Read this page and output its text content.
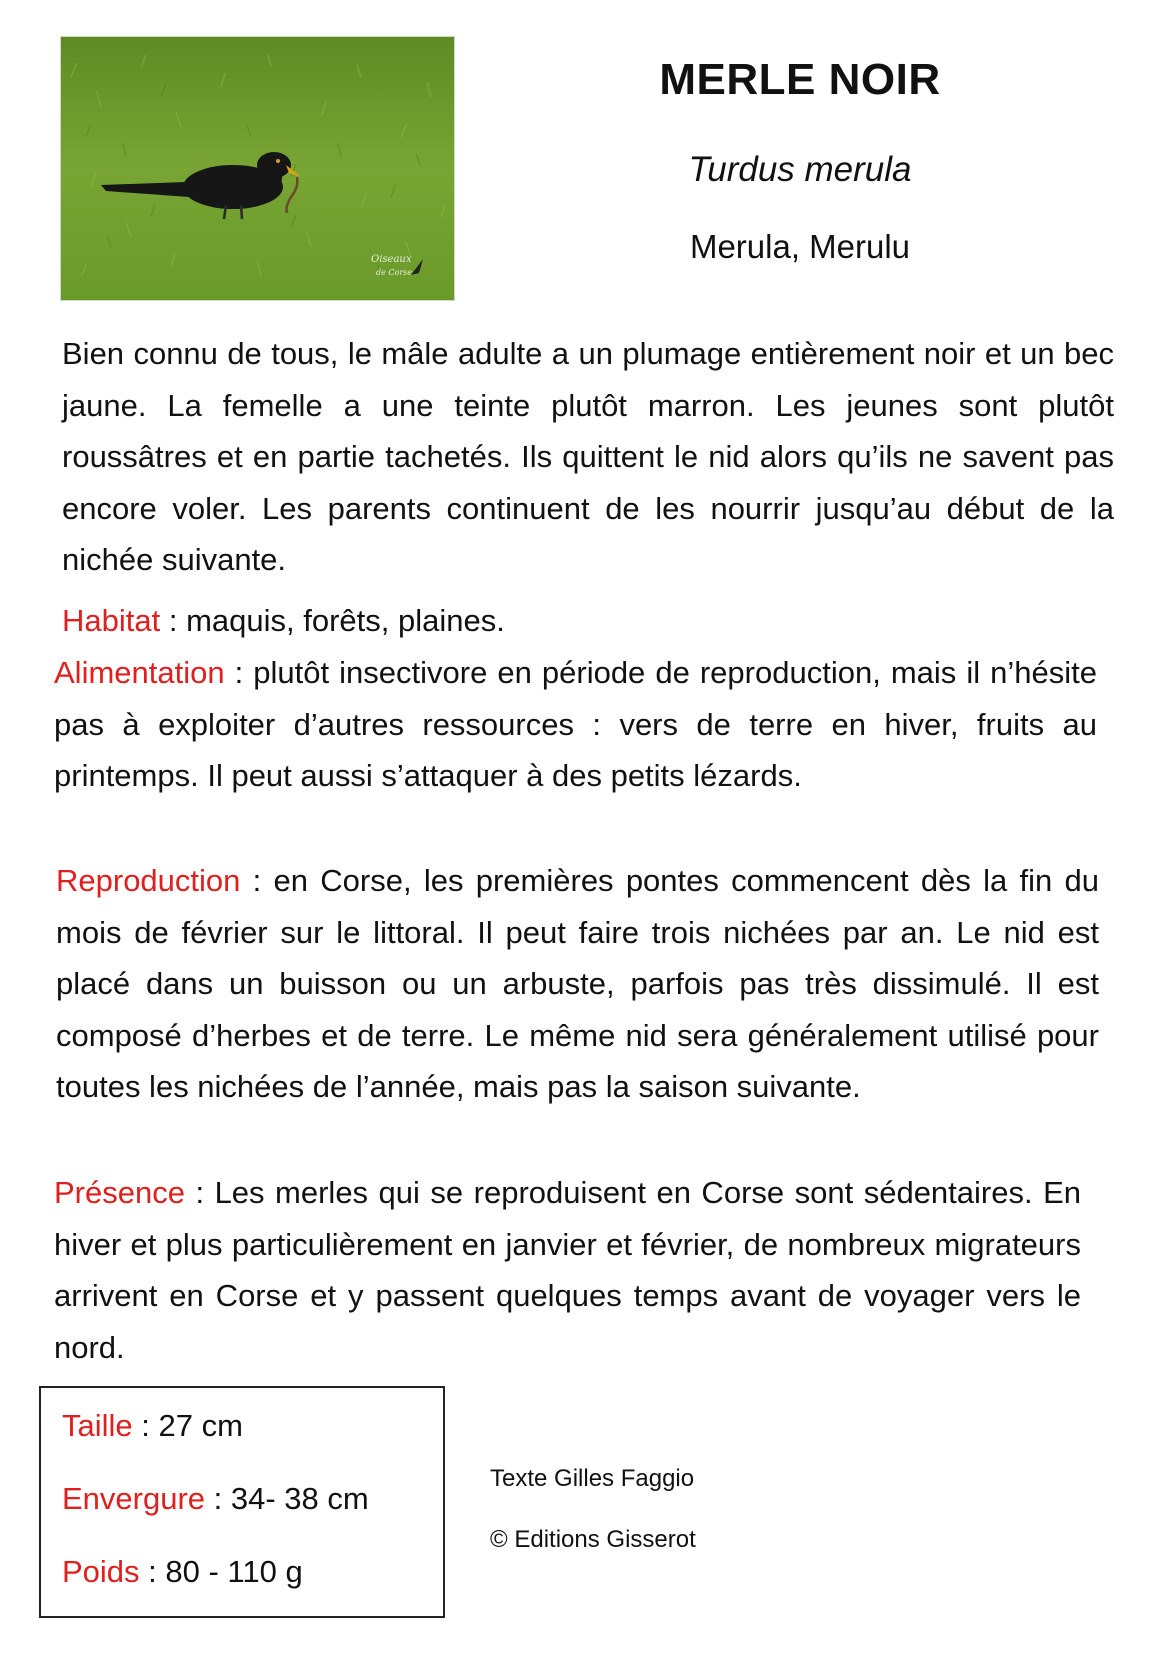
Oiseaux
de Corse
MERLE NOIR
Turdus merula
Merula, Merulu

Bien connu de tous, le mâle adulte a un plumage entièrement noir et un bec jaune. La femelle a une teinte plutôt marron. Les jeunes sont plutôt roussâtres et en partie tachetés. Ils quittent le nid alors qu’ils ne savent pas encore voler. Les parents continuent de les nourrir jusqu’au début de la nichée suivante.

Habitat : maquis, forêts, plaines.

Alimentation : plutôt insectivore en période de reproduction, mais il n’hésite pas à exploiter d’autres ressources : vers de terre en hiver, fruits au printemps. Il peut aussi s’attaquer à des petits lézards.

Reproduction : en Corse, les premières pontes commencent dès la fin du mois de février sur le littoral. Il peut faire trois nichées par an. Le nid est placé dans un buisson ou un arbuste, parfois pas très dissimulé. Il est composé d’herbes et de terre. Le même nid sera généralement utilisé pour toutes les nichées de l’année, mais pas la saison suivante.

Présence : Les merles qui se reproduisent en Corse sont sédentaires. En hiver et plus particulièrement en janvier et février, de nombreux migrateurs arrivent en Corse et y passent quelques temps avant de voyager vers le nord.

Taille : 27 cm
Envergure : 34- 38 cm
Poids : 80 - 110 g
Texte Gilles Faggio
© Editions Gisserot
